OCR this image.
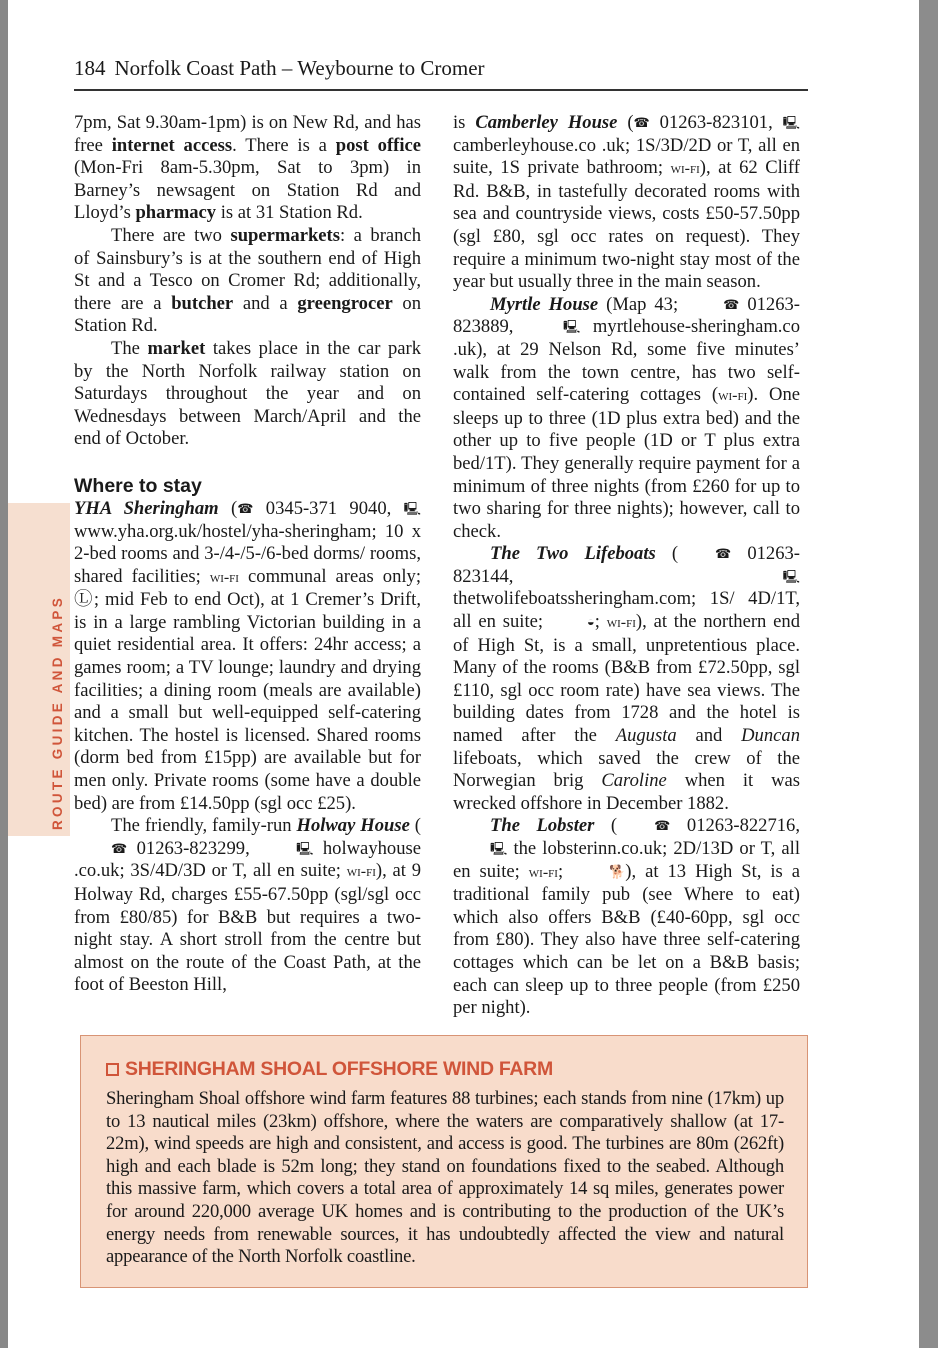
ROUTE GUIDE AND MAPS
184 Norfolk Coast Path – Weybourne to Cromer

7pm, Sat 9.30am-1pm) is on New Rd, and has free internet access. There is a post office (Mon-Fri 8am-5.30pm, Sat to 3pm) in Barney’s newsagent on Station Rd and Lloyd’s pharmacy is at 31 Station Rd.

There are two supermarkets: a branch of Sainsbury’s is at the southern end of High St and a Tesco on Cromer Rd; additionally, there are a butcher and a greengrocer on Station Rd.

The market takes place in the car park by the North Norfolk railway station on Saturdays throughout the year and on Wednesdays between March/April and the end of October.

Where to stay

YHA Sheringham (☎ 0345-371 9040, 🖳 www.yha.org.uk/hostel/yha-sheringham; 10 x 2-bed rooms and 3-/4-/5-/6-bed dorms/ rooms, shared facilities; wi-fi communal areas only; Ⓛ; mid Feb to end Oct), at 1 Cremer’s Drift, is in a large rambling Victorian building in a quiet residential area. It offers: 24hr access; a games room; a TV lounge; laundry and drying facilities; a dining room (meals are available) and a small but well-equipped self-catering kitchen. The hostel is licensed. Shared rooms (dorm bed from £15pp) are available but for men only. Private rooms (some have a double bed) are from £14.50pp (sgl occ £25).

The friendly, family-run Holway House (☎ 01263-823299,	🖳 holwayhouse .co.uk; 3S/4D/3D or T, all en suite; wi-fi), at 9 Holway Rd, charges £55-67.50pp (sgl/sgl occ from £80/85) for B&B but requires a two-night stay. A short stroll from the centre but almost on the route of the Coast Path, at the foot of Beeston Hill,

is Camberley House (☎ 01263-823101, 🖳 camberleyhouse.co .uk; 1S/3D/2D or T, all en suite, 1S private bathroom; wi-fi), at 62 Cliff Rd. B&B, in tastefully decorated rooms with sea and countryside views, costs £50-57.50pp (sgl £80, sgl occ rates on request). They require a minimum two-night stay most of the year but usually three in the main season.

Myrtle House (Map 43;	☎ 01263-823889,	🖳 myrtlehouse-sheringham.co .uk), at 29 Nelson Rd, some five minutes’ walk from the town centre, has two self-contained self-catering cottages (wi-fi). One sleeps up to three (1D plus extra bed) and the other up to five people (1D or T plus extra bed/1T). They generally require payment for a minimum of three nights (from £260 for up to two sharing for three nights); however, call to check.

The Two Lifeboats (	☎ 01263-823144,	🖳 thetwolifeboatssheringham.com; 1S/ 4D/1T, all en suite;	◒; wi-fi), at the northern end of High St, is a small, unpretentious place. Many of the rooms (B&B from £72.50pp, sgl £110, sgl occ room rate) have sea views. The building dates from 1728 and the hotel is named after the Augusta and Duncan lifeboats, which saved the crew of the Norwegian brig Caroline when it was wrecked offshore in December 1882.

The Lobster (	☎ 01263-822716, 🖳 the lobsterinn.co.uk; 2D/13D or T, all en suite; wi-fi;	🐕), at 13 High St, is a traditional family pub (see Where to eat) which also offers B&B (£40-60pp, sgl occ from £80). They also have three self-catering cottages which can be let on a B&B basis; each can sleep up to three people (from £250 per night).

SHERINGHAM SHOAL OFFSHORE WIND FARM
Sheringham Shoal offshore wind farm features 88 turbines; each stands from nine (17km) up to 13 nautical miles (23km) offshore, where the waters are comparatively shallow (at 17-22m), wind speeds are high and consistent, and access is good. The turbines are 80m (262ft) high and each blade is 52m long; they stand on foundations fixed to the seabed. Although this massive farm, which covers a total area of approximately 14 sq miles, generates power for around 220,000 average UK homes and is contributing to the production of the UK’s energy needs from renewable sources, it has undoubtedly affected the view and natural appearance of the North Norfolk coastline.
